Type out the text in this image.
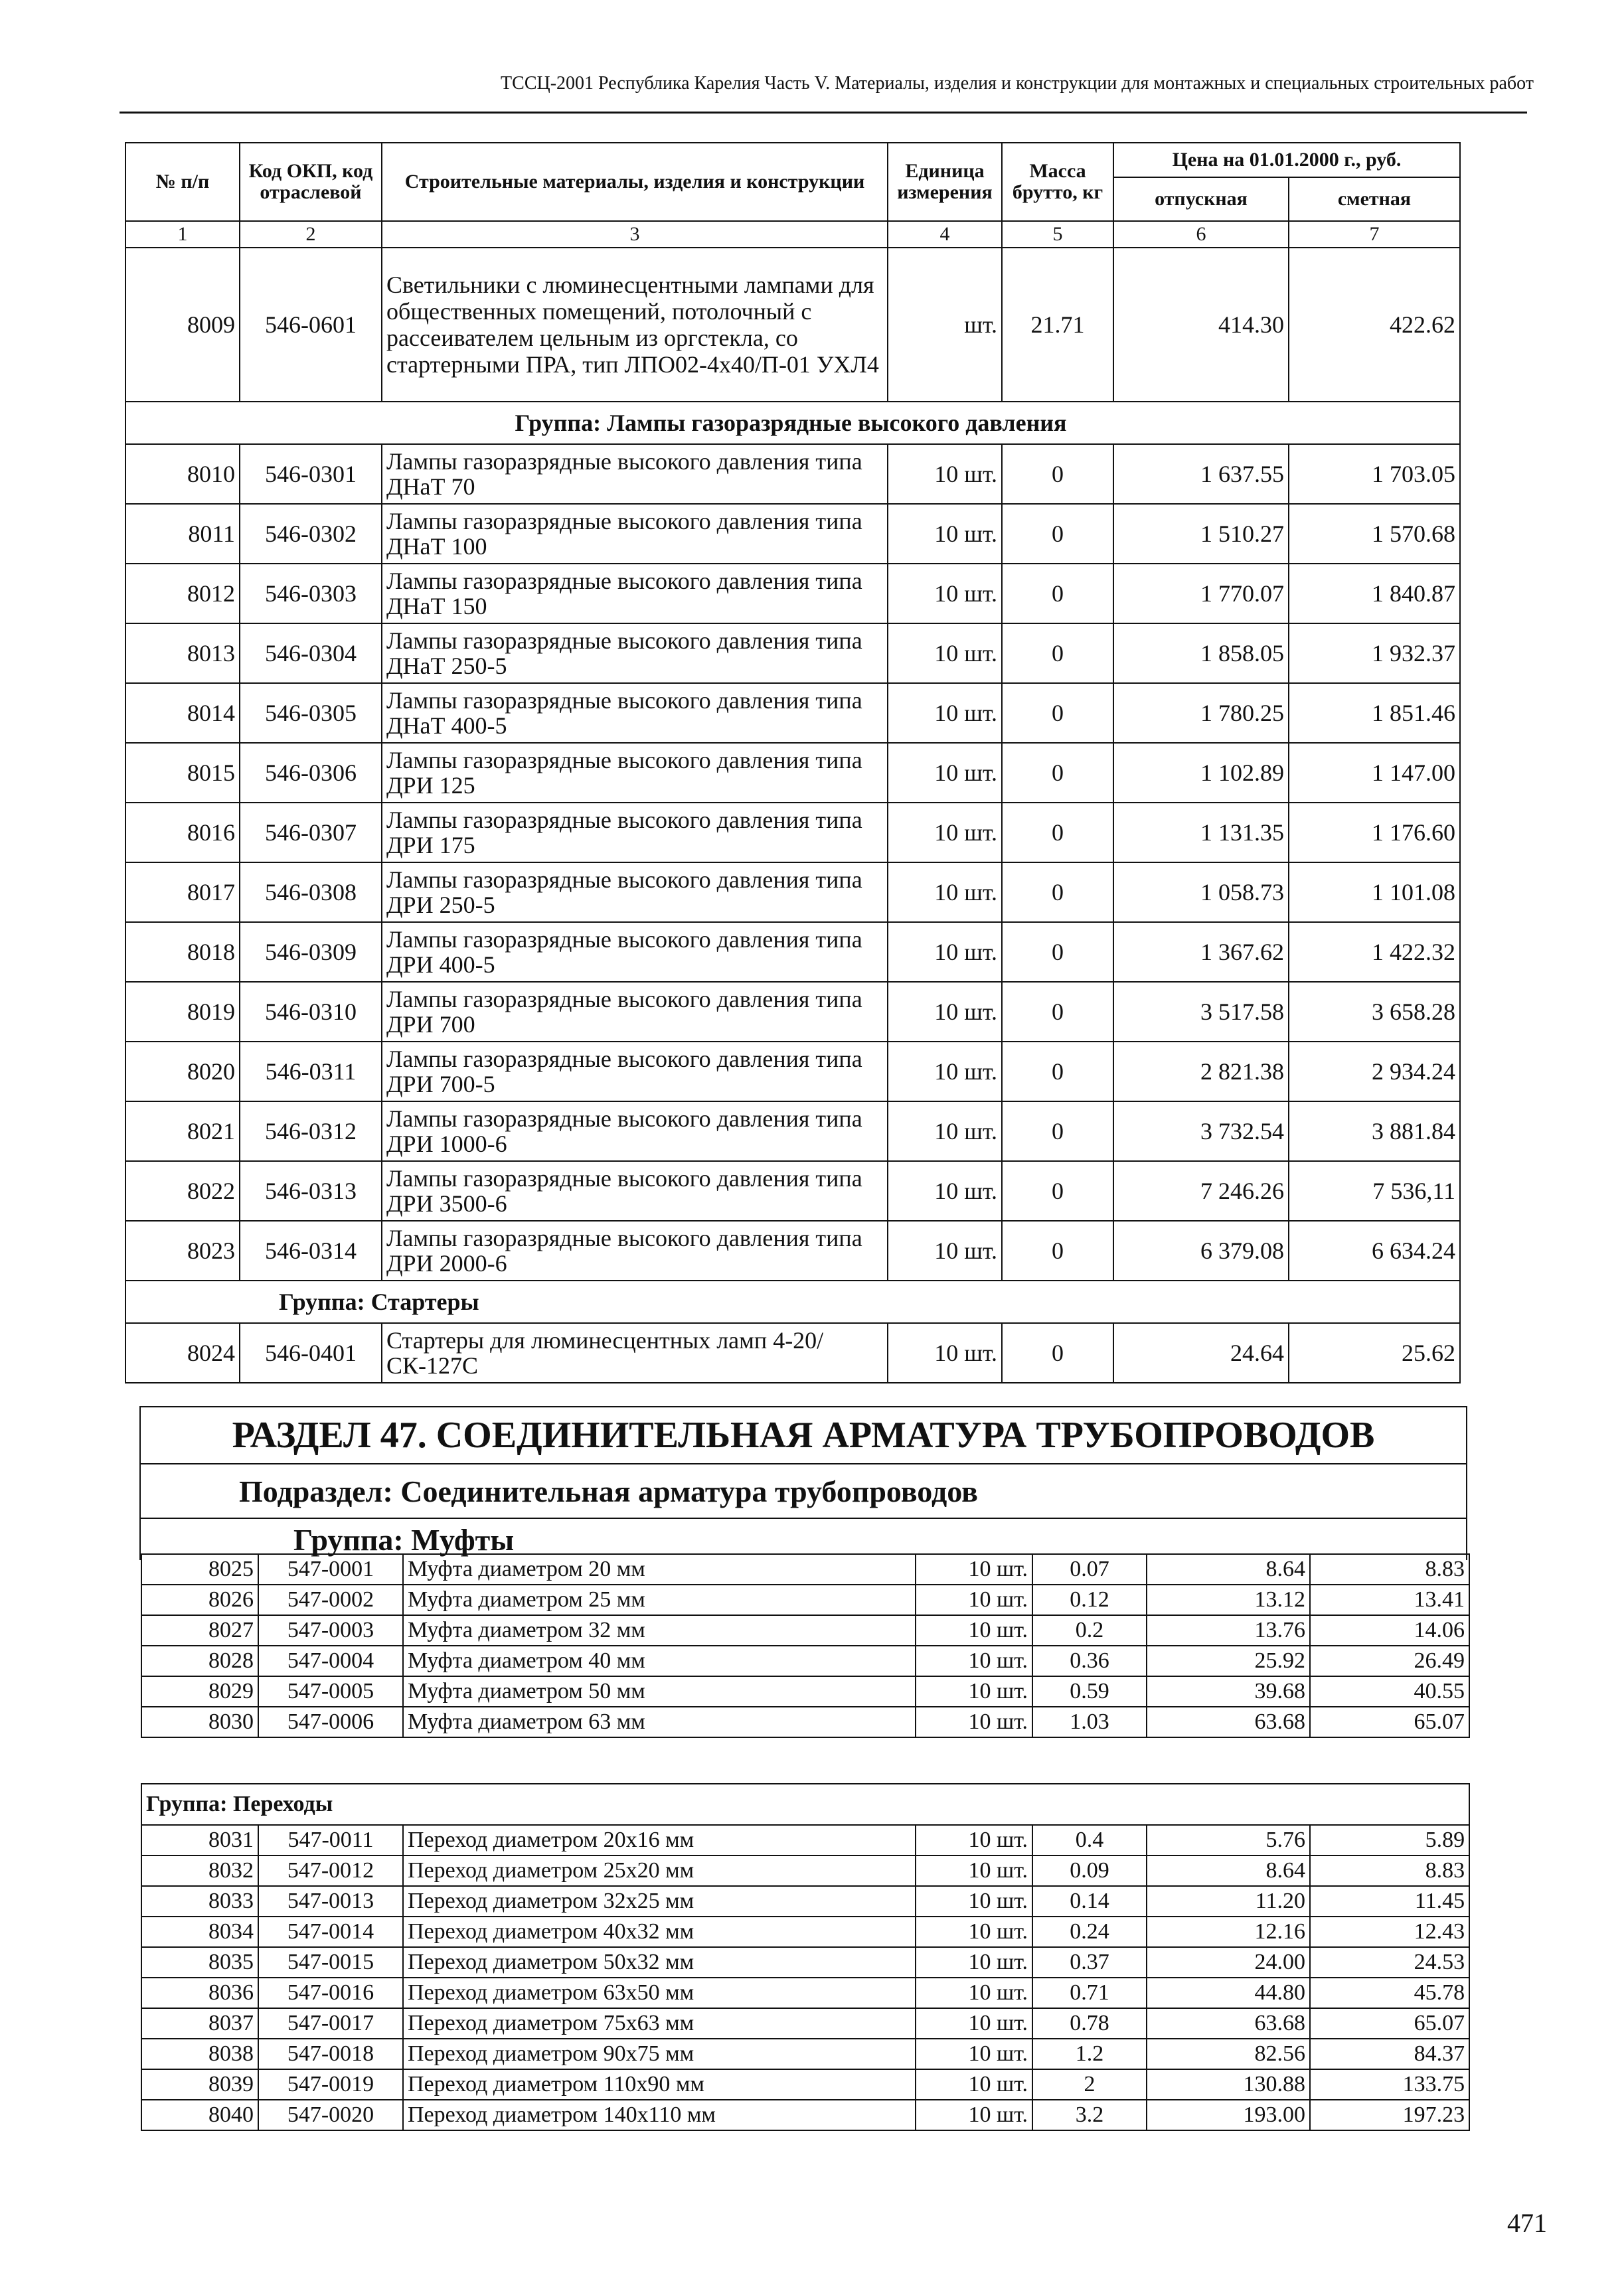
ТССЦ-2001 Республика Карелия Часть V. Материалы, изделия и конструкции для монтажных и специальных строительных работ
№ п/п	Код ОКП, код отраслевой	Строительные материалы, изделия и конструкции	Единица измерения	Масса брутто, кг	Цена на 01.01.2000 г., руб.	
					отпускная	сметная
1	2	3	4	5	6	7
8009	546-0601	Светильники с люминесцентными лампами для общественных помещений, потолочный с рассеивателем цельным из оргстекла, со стартерными ПРА, тип ЛПО02-4х40/П-01 УХЛ4	шт.	21.71	414.30	422.62
Группа: Лампы газоразрядные высокого давления						
8010	546-0301	Лампы газоразрядные высокого давления типа ДНаТ 70	10 шт.	0	1 637.55	1 703.05
8011	546-0302	Лампы газоразрядные высокого давления типа ДНаТ 100	10 шт.	0	1 510.27	1 570.68
8012	546-0303	Лампы газоразрядные высокого давления типа ДНаТ 150	10 шт.	0	1 770.07	1 840.87
8013	546-0304	Лампы газоразрядные высокого давления типа ДНаТ 250-5	10 шт.	0	1 858.05	1 932.37
8014	546-0305	Лампы газоразрядные высокого давления типа ДНаТ 400-5	10 шт.	0	1 780.25	1 851.46
8015	546-0306	Лампы газоразрядные высокого давления типа ДРИ 125	10 шт.	0	1 102.89	1 147.00
8016	546-0307	Лампы газоразрядные высокого давления типа ДРИ 175	10 шт.	0	1 131.35	1 176.60
8017	546-0308	Лампы газоразрядные высокого давления типа ДРИ 250-5	10 шт.	0	1 058.73	1 101.08
8018	546-0309	Лампы газоразрядные высокого давления типа ДРИ 400-5	10 шт.	0	1 367.62	1 422.32
8019	546-0310	Лампы газоразрядные высокого давления типа ДРИ 700	10 шт.	0	3 517.58	3 658.28
8020	546-0311	Лампы газоразрядные высокого давления типа ДРИ 700-5	10 шт.	0	2 821.38	2 934.24
8021	546-0312	Лампы газоразрядные высокого давления типа ДРИ 1000-6	10 шт.	0	3 732.54	3 881.84
8022	546-0313	Лампы газоразрядные высокого давления типа ДРИ 3500-6	10 шт.	0	7 246.26	7 536,11
8023	546-0314	Лампы газоразрядные высокого давления типа ДРИ 2000-6	10 шт.	0	6 379.08	6 634.24
Группа: Стартеры						
8024	546-0401	Стартеры для люминесцентных ламп 4-20/СК-127С	10 шт.	0	24.64	25.62
РАЗДЕЛ 47. СОЕДИНИТЕЛЬНАЯ АРМАТУРА ТРУБОПРОВОДОВ
Подраздел: Соединительная арматура трубопроводов
Группа: Муфты
8025	547-0001	Муфта диаметром 20 мм	10 шт.	0.07	8.64	8.83
8026	547-0002	Муфта диаметром 25 мм	10 шт.	0.12	13.12	13.41
8027	547-0003	Муфта диаметром 32 мм	10 шт.	0.2	13.76	14.06
8028	547-0004	Муфта диаметром 40 мм	10 шт.	0.36	25.92	26.49
8029	547-0005	Муфта диаметром 50 мм	10 шт.	0.59	39.68	40.55
8030	547-0006	Муфта диаметром 63 мм	10 шт.	1.03	63.68	65.07
Группа: Переходы						
8031	547-0011	Переход диаметром 20х16 мм	10 шт.	0.4	5.76	5.89
8032	547-0012	Переход диаметром 25х20 мм	10 шт.	0.09	8.64	8.83
8033	547-0013	Переход диаметром 32х25 мм	10 шт.	0.14	11.20	11.45
8034	547-0014	Переход диаметром 40х32 мм	10 шт.	0.24	12.16	12.43
8035	547-0015	Переход диаметром 50х32 мм	10 шт.	0.37	24.00	24.53
8036	547-0016	Переход диаметром 63х50 мм	10 шт.	0.71	44.80	45.78
8037	547-0017	Переход диаметром 75х63 мм	10 шт.	0.78	63.68	65.07
8038	547-0018	Переход диаметром 90х75 мм	10 шт.	1.2	82.56	84.37
8039	547-0019	Переход диаметром 110х90 мм	10 шт.	2	130.88	133.75
8040	547-0020	Переход диаметром 140х110 мм	10 шт.	3.2	193.00	197.23
471
